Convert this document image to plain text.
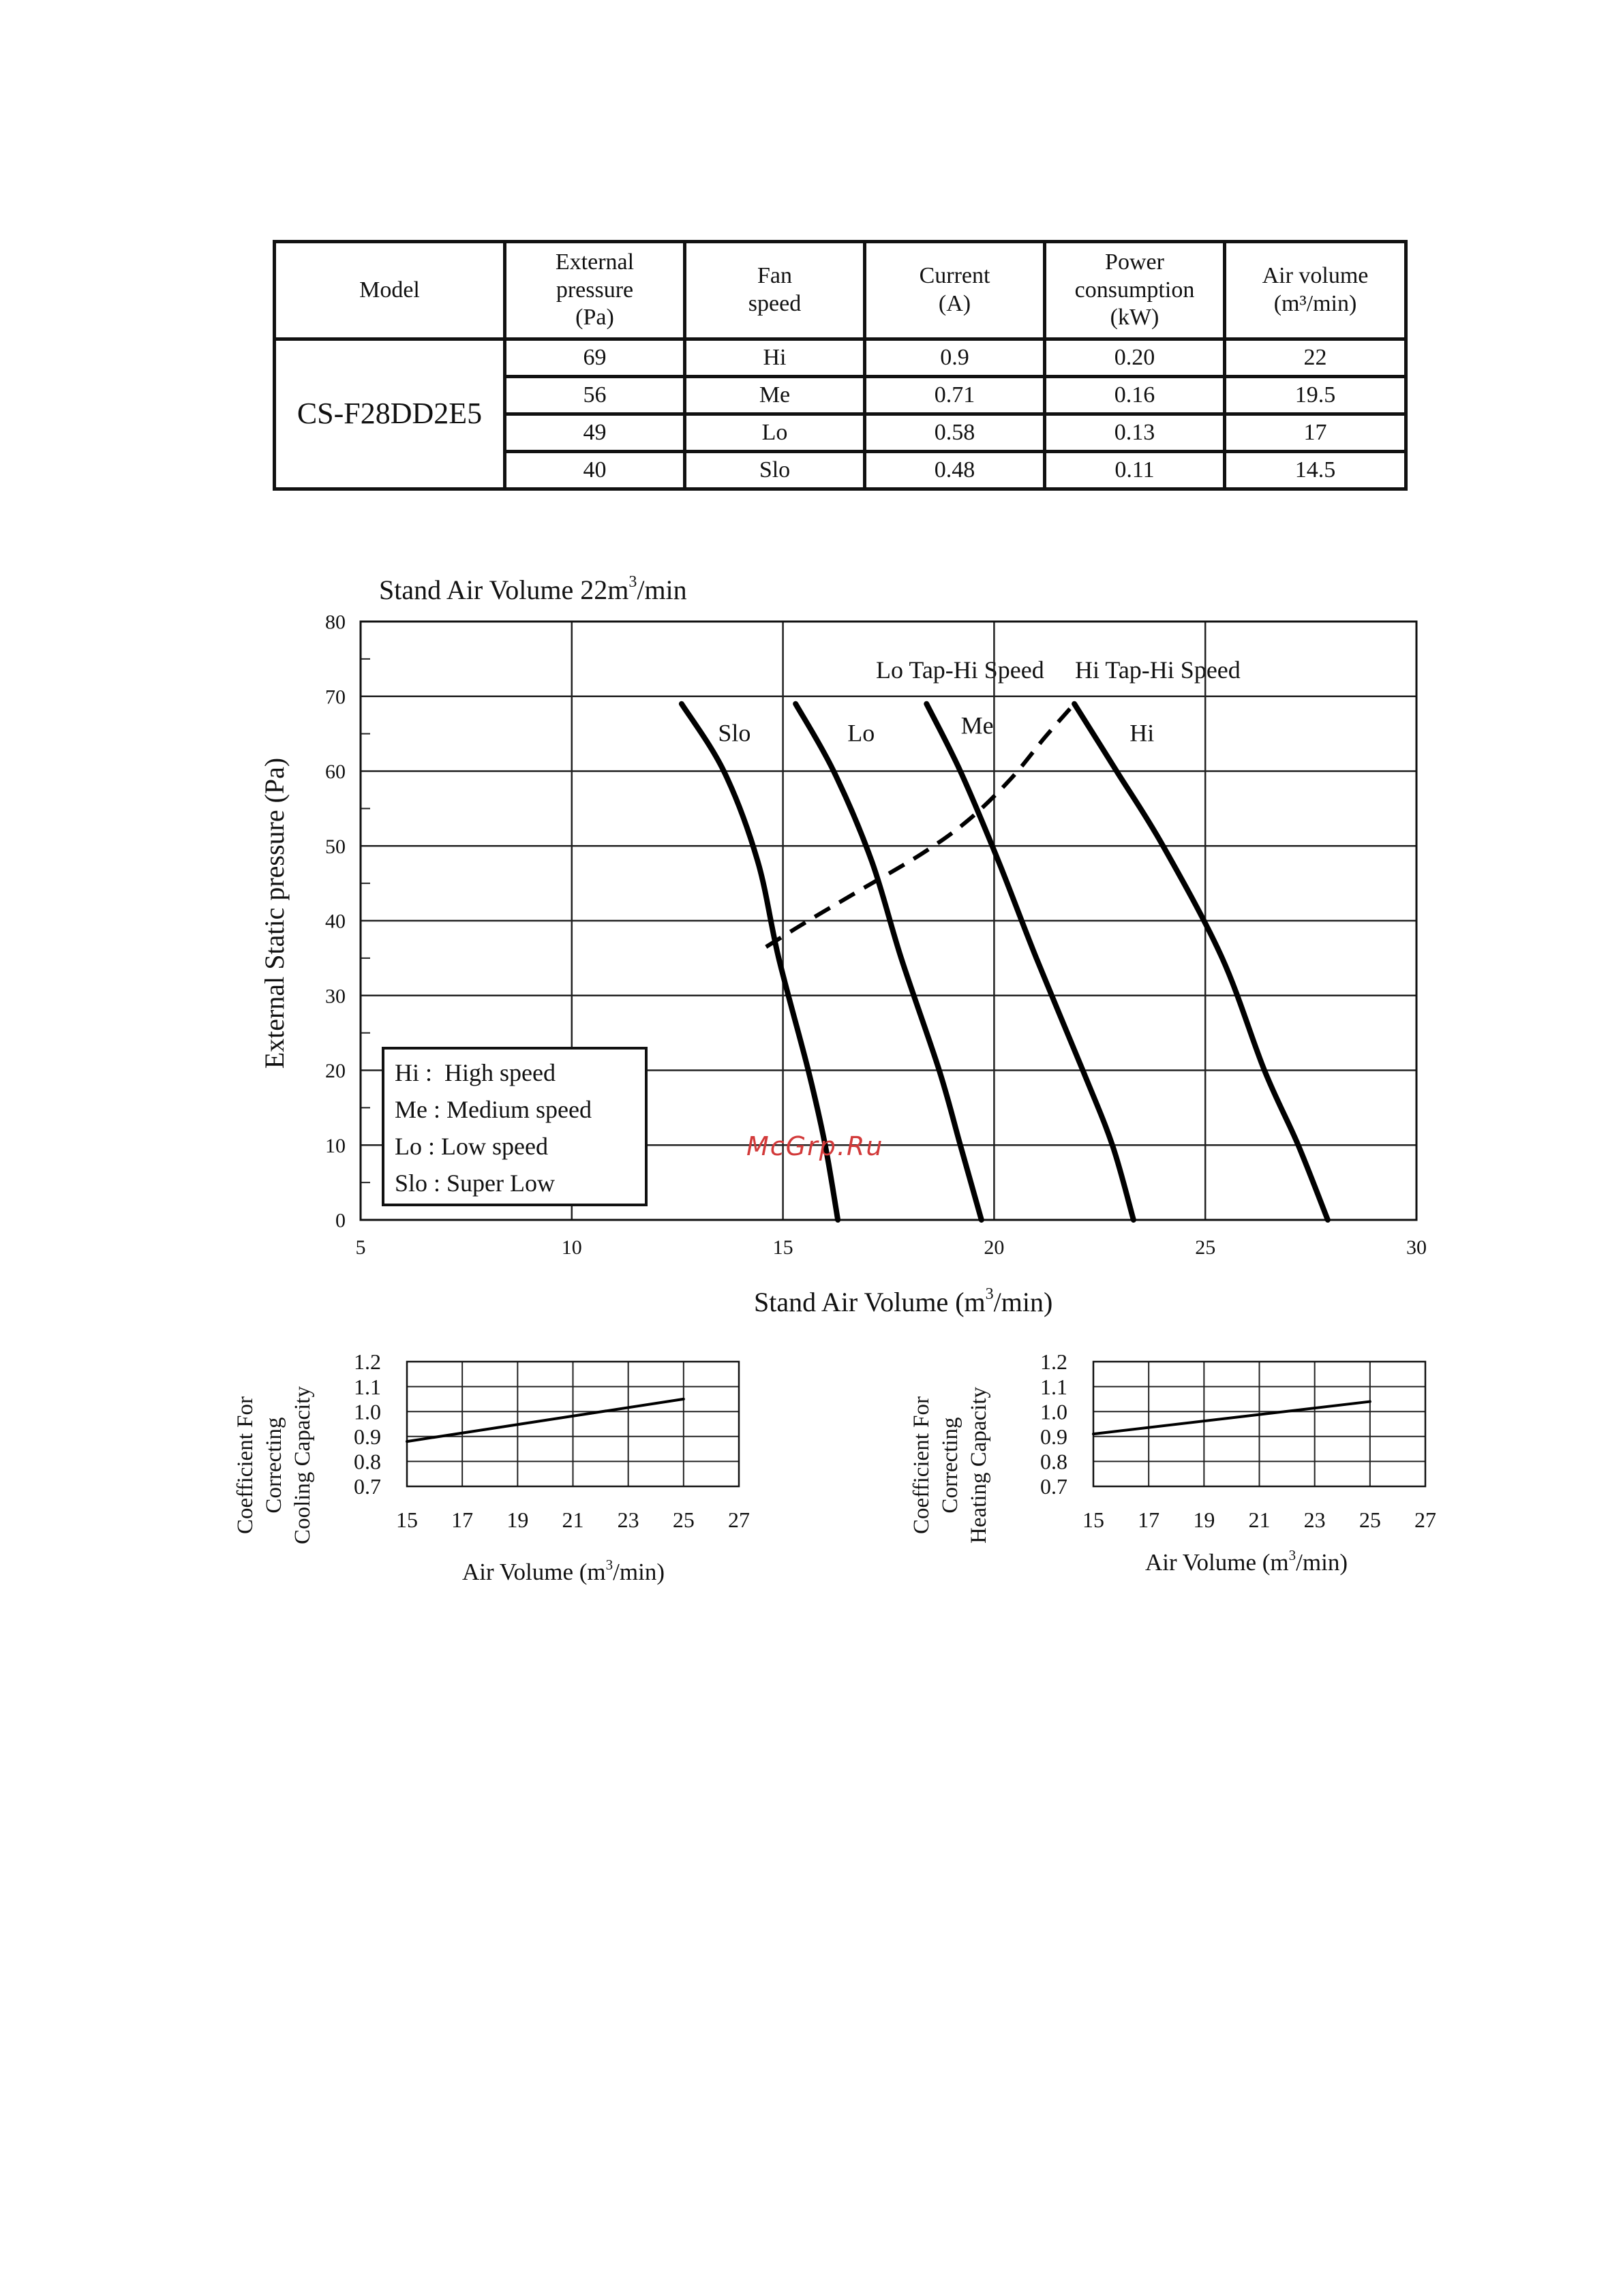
Model	External
pressure
(Pa)	Fan
speed	Current
(A)	Power
consumption
(kW)	Air volume
(m³/min)
CS-F28DD2E5	69	Hi	0.9	0.20	22
	56	Me	0.71	0.16	19.5
	49	Lo	0.58	0.13	17
	40	Slo	0.48	0.11	14.5
Stand Air Volume $22m^3/\min$
Stand Air Volume $(m^3/\min)$
External Static pressure (Pa)
Lo Tap-Hi Speed Hi Tap-Hi Speed
5	10	15	20	25	30
0
10
20
30
40
50
60
70
80
Slo	Lo	Me	Hi
Hi :  High speed
Me : Medium speed
Lo : Low speed
Slo : Super Low
Coefficient For Correcting Cooling Capacity	15 17 19 21 23 25 27
1.2
1.1
1.0
0.9
0.8
0.7
Air Volume $(m^3/\min)$
Coefficient For Correcting Heating Capacity	15 17 19 21 23 25 27
1.2
1.1
1.0
0.9
0.8
0.7
Air Volume $(m^3/\min)$
McGrp.Ru
